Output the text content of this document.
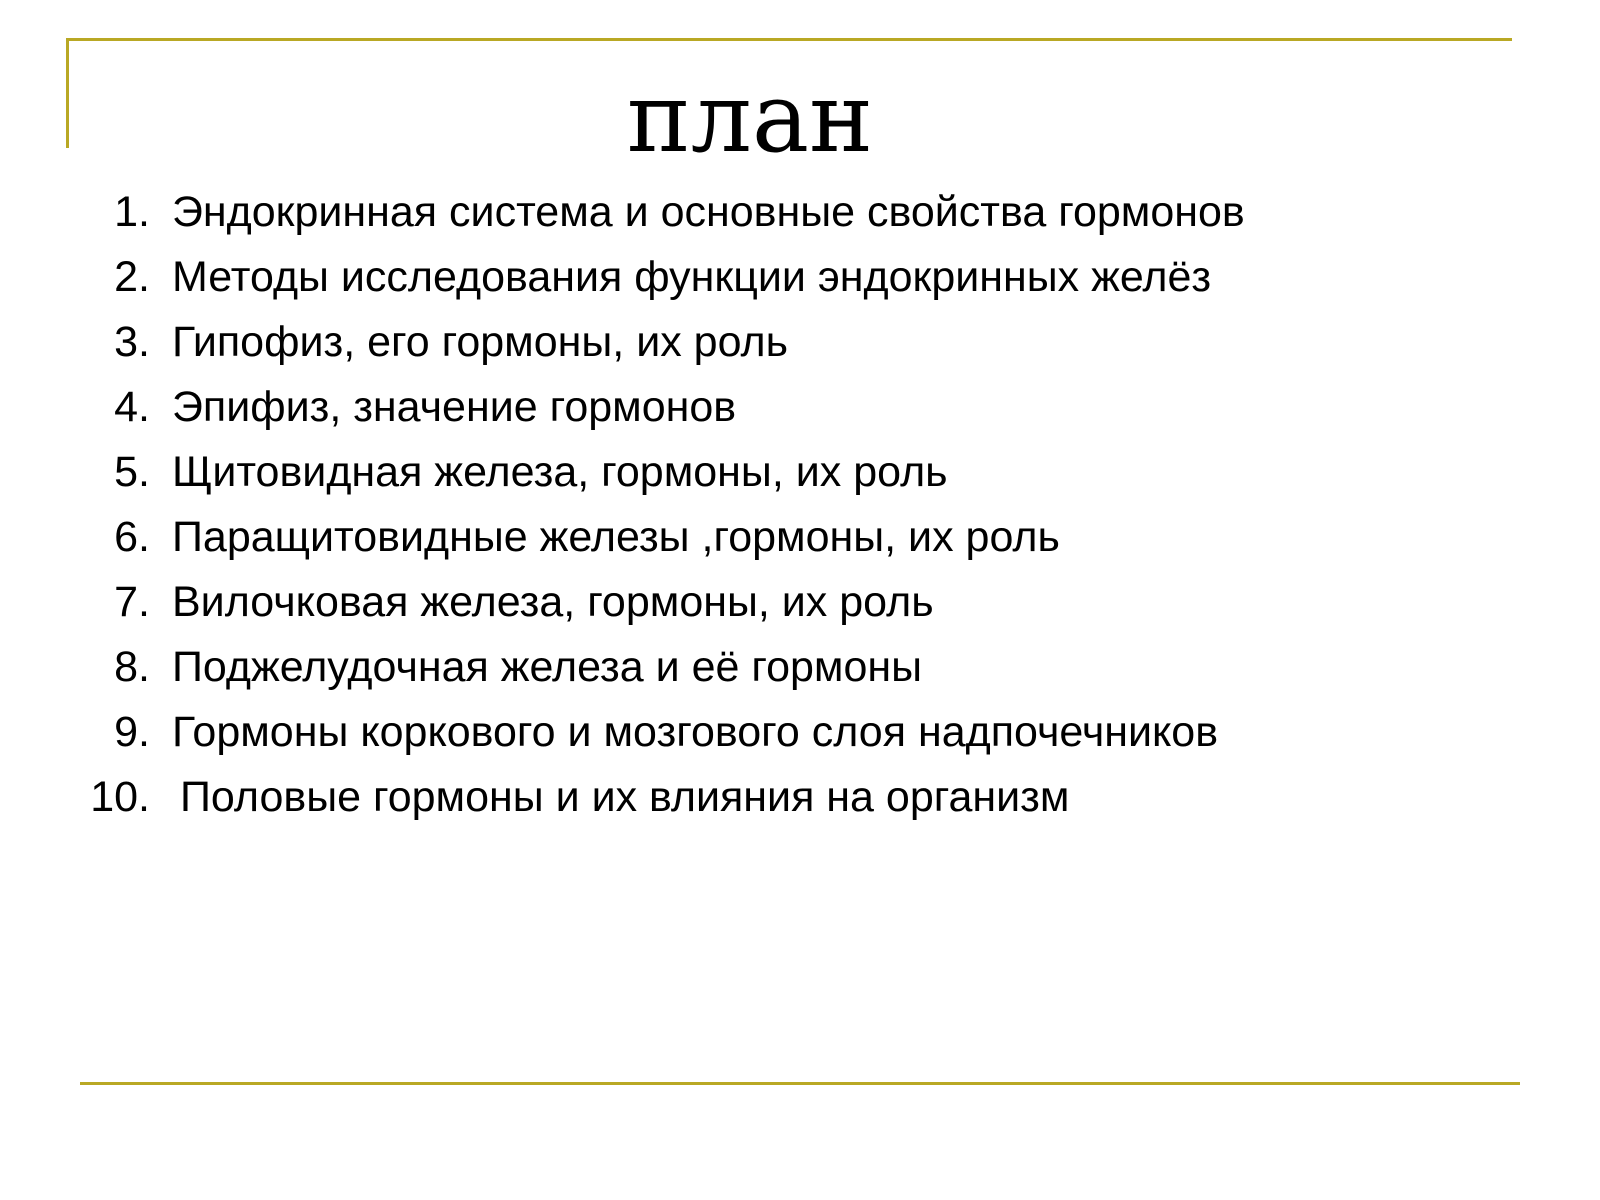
план
1. Эндокринная система и основные свойства гормонов
2. Методы исследования функции эндокринных желёз
3. Гипофиз, его гормоны, их роль
4. Эпифиз, значение гормонов
5. Щитовидная железа, гормоны, их роль
6. Паращитовидные железы ,гормоны, их роль
7. Вилочковая железа, гормоны, их роль
8. Поджелудочная железа и её гормоны
9. Гормоны коркового и мозгового слоя надпочечников
10. Половые гормоны и их влияния на организм
